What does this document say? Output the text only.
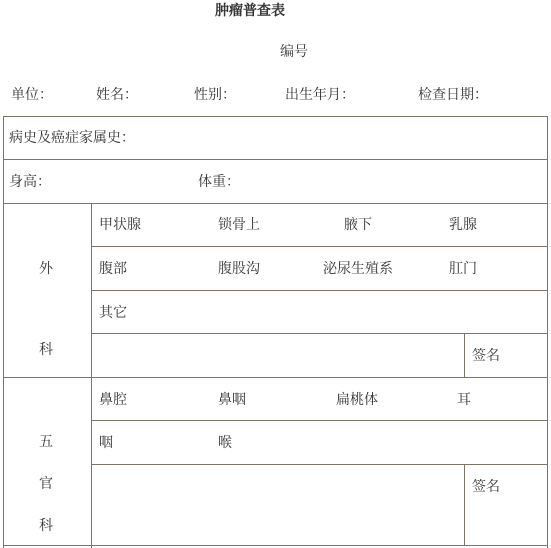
肿瘤普查表
编号
单位：	姓名：	性别：	出生年月：	检查日期：
病史及癌症家属史：
身高：	体重：
外
科
甲状腺	锁骨上	腋下	乳腺
腹部	腹股沟	泌尿生殖系	肛门
其它
签名
五
官
科
鼻腔	鼻咽	扁桃体	耳
咽	喉
签名
